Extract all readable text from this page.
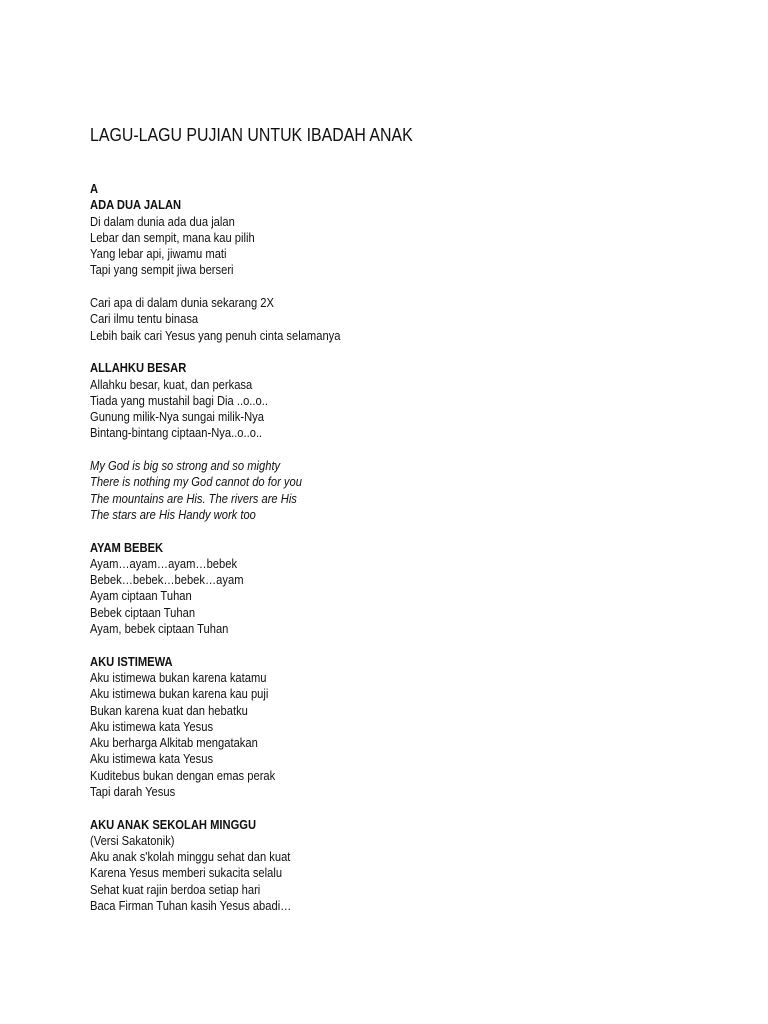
LAGU-LAGU PUJIAN UNTUK IBADAH ANAK
A
ADA DUA JALAN
Di dalam dunia ada dua jalan
Lebar dan sempit, mana kau pilih
Yang lebar api, jiwamu mati
Tapi yang sempit jiwa berseri
Cari apa di dalam dunia sekarang 2X
Cari ilmu tentu binasa
Lebih baik cari Yesus yang penuh cinta selamanya
ALLAHKU BESAR
Allahku besar, kuat, dan perkasa
Tiada yang mustahil bagi Dia ..o..o..
Gunung milik-Nya sungai milik-Nya
Bintang-bintang ciptaan-Nya..o..o..
My God is big so strong and so mighty
There is nothing my God cannot do for you
The mountains are His. The rivers are His
The stars are His Handy work too
AYAM BEBEK
Ayam…ayam…ayam…bebek
Bebek…bebek…bebek…ayam
Ayam ciptaan Tuhan
Bebek ciptaan Tuhan
Ayam, bebek ciptaan Tuhan
AKU ISTIMEWA
Aku istimewa bukan karena katamu
Aku istimewa bukan karena kau puji
Bukan karena kuat dan hebatku
Aku istimewa kata Yesus
Aku berharga Alkitab mengatakan
Aku istimewa kata Yesus
Kuditebus bukan dengan emas perak
Tapi darah Yesus
AKU ANAK SEKOLAH MINGGU
(Versi Sakatonik)
Aku anak s'kolah minggu sehat dan kuat
Karena Yesus memberi sukacita selalu
Sehat kuat rajin berdoa setiap hari
Baca Firman Tuhan kasih Yesus abadi…
